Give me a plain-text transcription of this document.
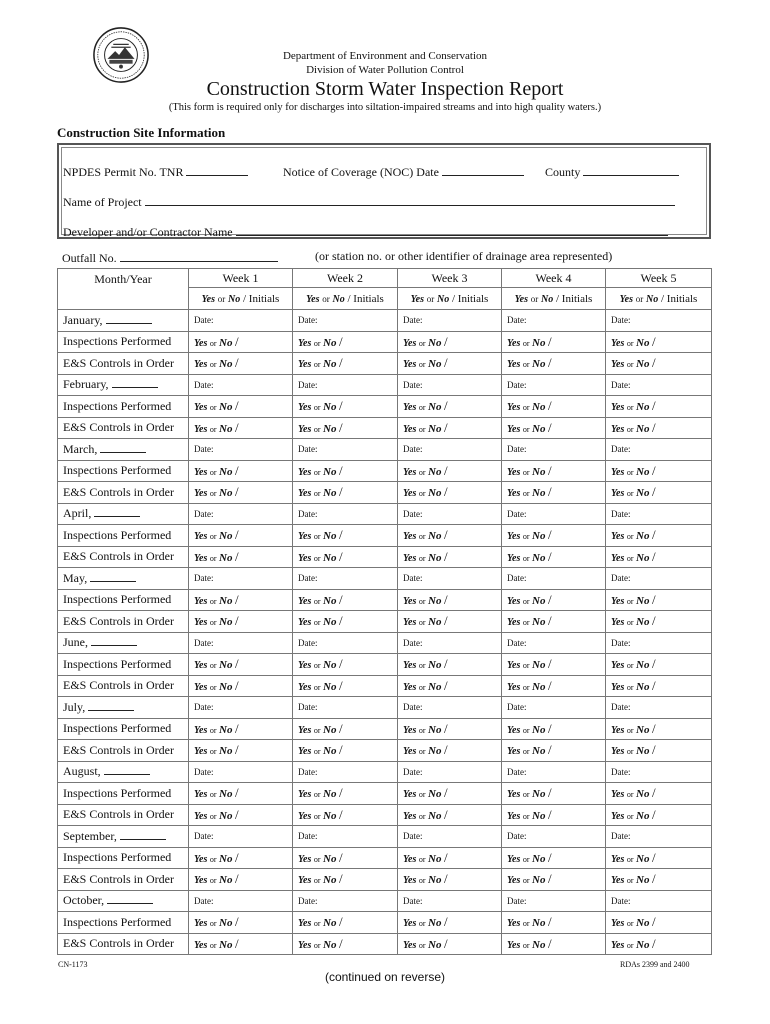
Department of Environment and Conservation
Division of Water Pollution Control
Construction Storm Water Inspection Report
(This form is required only for discharges into siltation-impaired streams and into high quality waters.)
Construction Site Information
NPDES Permit No. TNR	Notice of Coverage (NOC) Date	County
Name of Project
Developer and/or Contractor Name
Outfall No.	(or station no. or other identifier of drainage area represented)
Month/Year	Week 1	Week 2	Week 3	Week 4	Week 5
	Yes or No / Initials	Yes or No / Initials	Yes or No / Initials	Yes or No / Initials	Yes or No / Initials
January,	Date:	Date:	Date:	Date:	Date:
Inspections Performed	Yes or No /	Yes or No /	Yes or No /	Yes or No /	Yes or No /
E&S Controls in Order	Yes or No /	Yes or No /	Yes or No /	Yes or No /	Yes or No /
February,	Date:	Date:	Date:	Date:	Date:
Inspections Performed	Yes or No /	Yes or No /	Yes or No /	Yes or No /	Yes or No /
E&S Controls in Order	Yes or No /	Yes or No /	Yes or No /	Yes or No /	Yes or No /
March,	Date:	Date:	Date:	Date:	Date:
Inspections Performed	Yes or No /	Yes or No /	Yes or No /	Yes or No /	Yes or No /
E&S Controls in Order	Yes or No /	Yes or No /	Yes or No /	Yes or No /	Yes or No /
April,	Date:	Date:	Date:	Date:	Date:
Inspections Performed	Yes or No /	Yes or No /	Yes or No /	Yes or No /	Yes or No /
E&S Controls in Order	Yes or No /	Yes or No /	Yes or No /	Yes or No /	Yes or No /
May,	Date:	Date:	Date:	Date:	Date:
Inspections Performed	Yes or No /	Yes or No /	Yes or No /	Yes or No /	Yes or No /
E&S Controls in Order	Yes or No /	Yes or No /	Yes or No /	Yes or No /	Yes or No /
June,	Date:	Date:	Date:	Date:	Date:
Inspections Performed	Yes or No /	Yes or No /	Yes or No /	Yes or No /	Yes or No /
E&S Controls in Order	Yes or No /	Yes or No /	Yes or No /	Yes or No /	Yes or No /
July,	Date:	Date:	Date:	Date:	Date:
Inspections Performed	Yes or No /	Yes or No /	Yes or No /	Yes or No /	Yes or No /
E&S Controls in Order	Yes or No /	Yes or No /	Yes or No /	Yes or No /	Yes or No /
August,	Date:	Date:	Date:	Date:	Date:
Inspections Performed	Yes or No /	Yes or No /	Yes or No /	Yes or No /	Yes or No /
E&S Controls in Order	Yes or No /	Yes or No /	Yes or No /	Yes or No /	Yes or No /
September,	Date:	Date:	Date:	Date:	Date:
Inspections Performed	Yes or No /	Yes or No /	Yes or No /	Yes or No /	Yes or No /
E&S Controls in Order	Yes or No /	Yes or No /	Yes or No /	Yes or No /	Yes or No /
October,	Date:	Date:	Date:	Date:	Date:
Inspections Performed	Yes or No /	Yes or No /	Yes or No /	Yes or No /	Yes or No /
E&S Controls in Order	Yes or No /	Yes or No /	Yes or No /	Yes or No /	Yes or No /
CN-1173	RDAs 2399 and 2400
(continued on reverse)
